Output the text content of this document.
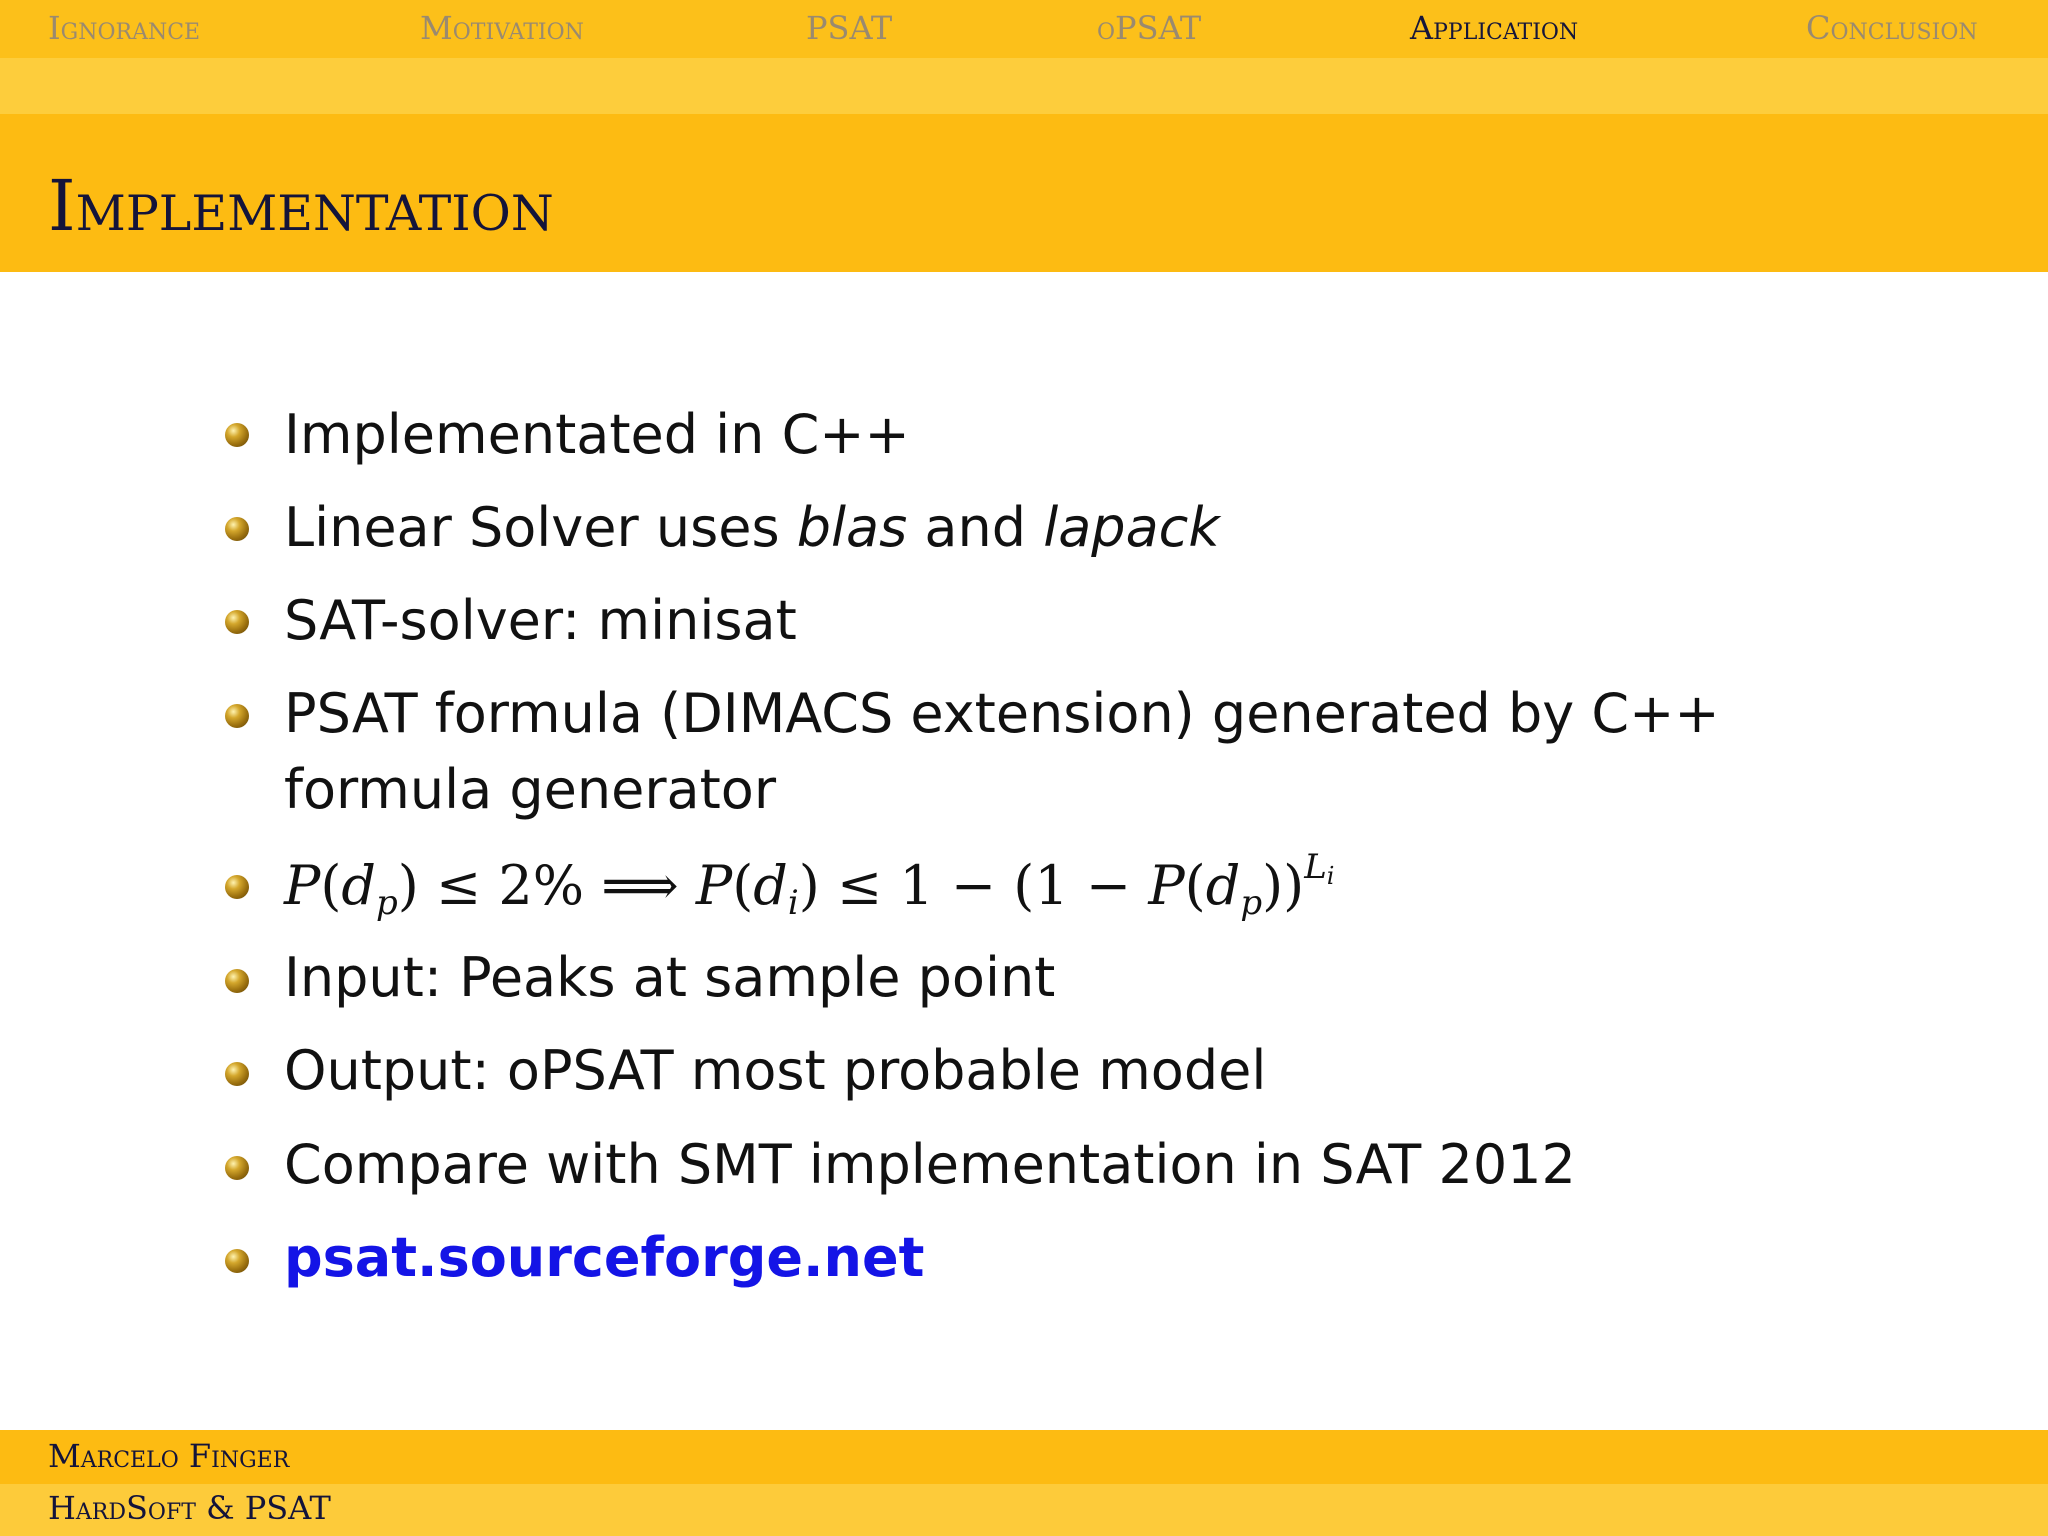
Ignorance	Motivation	PSAT	oPSAT	Application	Conclusion
Implementation
Implementated in C++
Linear Solver uses blas and lapack
SAT-solver: minisat
PSAT formula (DIMACS extension) generated by C++
formula generator
$P(d_p) \le 2\%$ ⟹ $P(d_i) \le 1 - (1 - P(d_p))^{L_i}$
Input: Peaks at sample point
Output: oPSAT most probable model
Compare with SMT implementation in SAT 2012
psat.sourceforge.net
Marcelo Finger
HardSoft & PSAT
